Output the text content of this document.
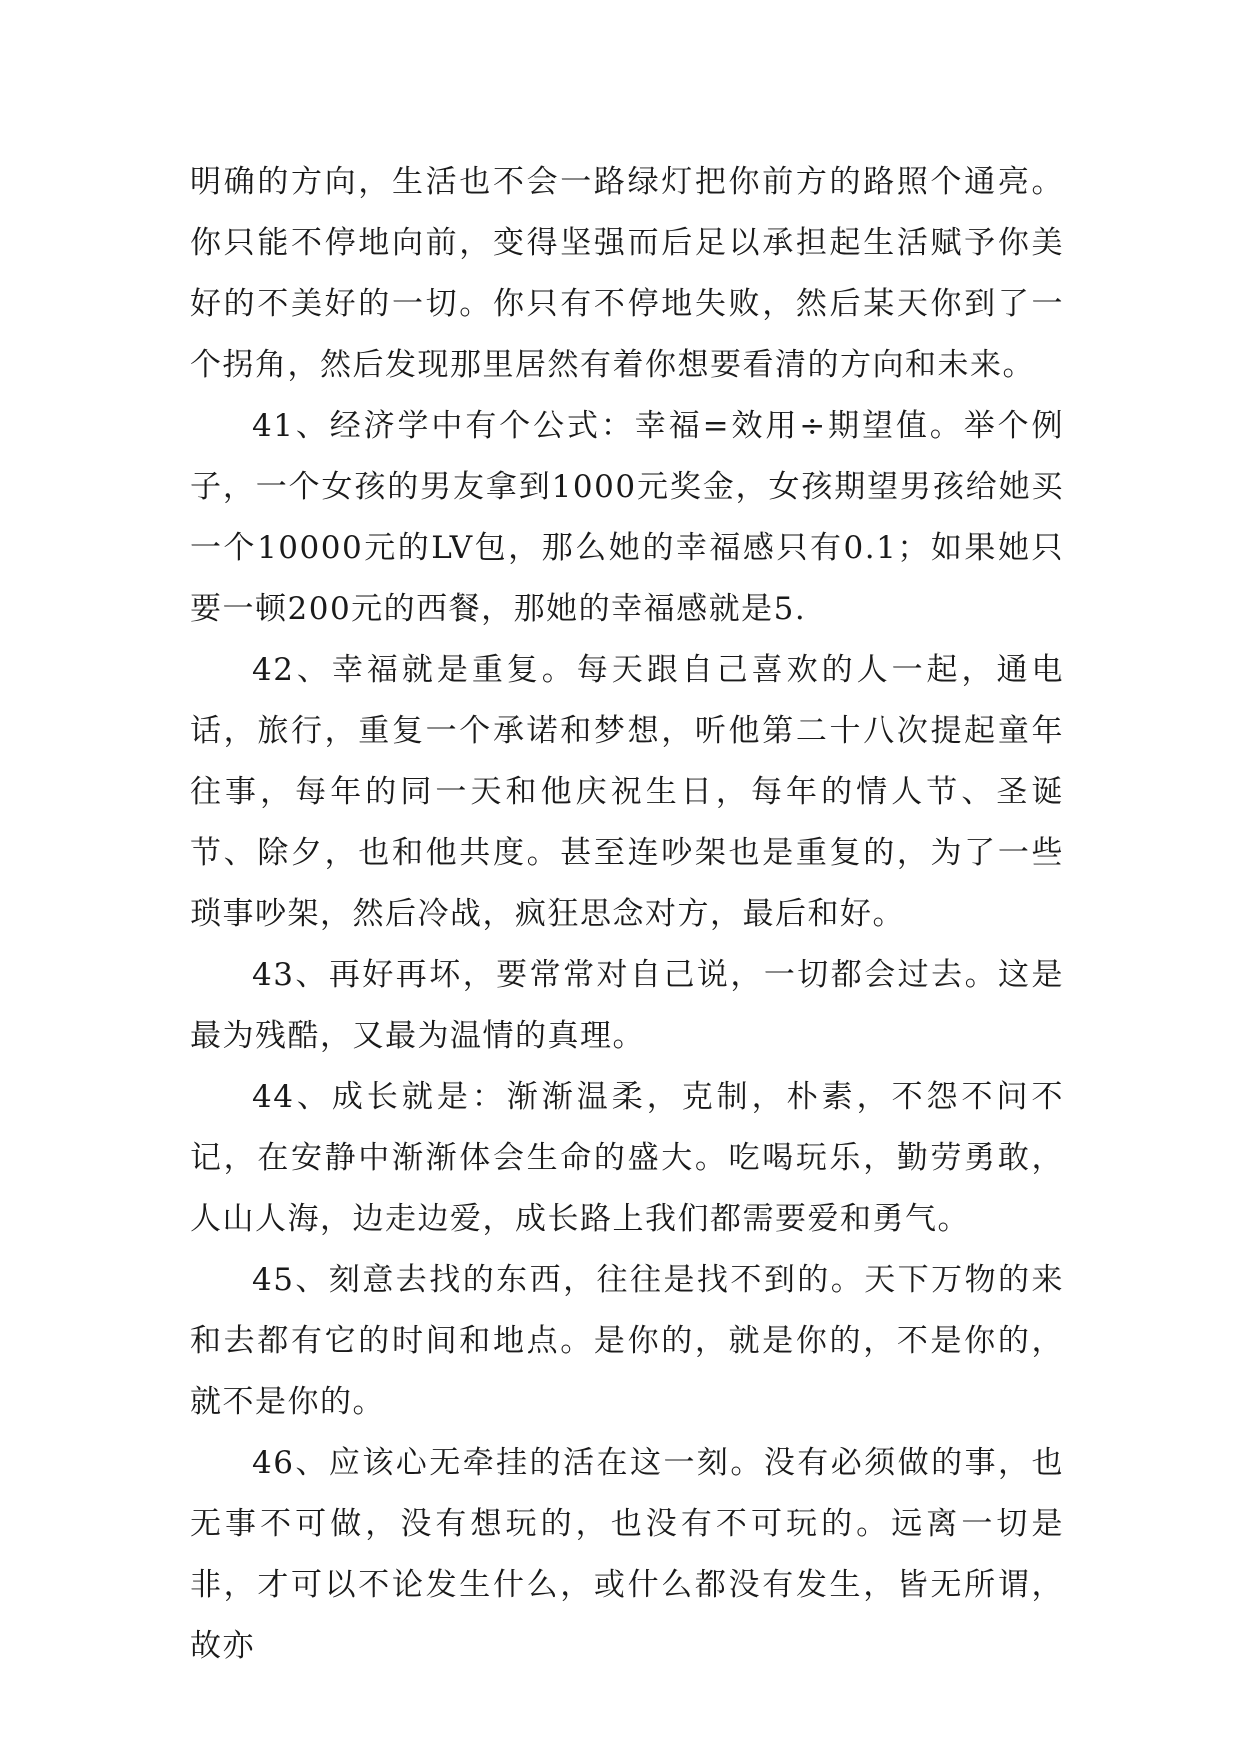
明确的方向，生活也不会一路绿灯把你前方的路照个通亮。你只能不停地向前，变得坚强而后足以承担起生活赋予你美好的不美好的一切。你只有不停地失败，然后某天你到了一个拐角，然后发现那里居然有着你想要看清的方向和未来。

41、经济学中有个公式：幸福=效用÷期望值。举个例子，一个女孩的男友拿到1000元奖金，女孩期望男孩给她买一个10000元的LV包，那么她的幸福感只有0.1；如果她只要一顿200元的西餐，那她的幸福感就是5.

42、幸福就是重复。每天跟自己喜欢的人一起，通电话，旅行，重复一个承诺和梦想，听他第二十八次提起童年往事，每年的同一天和他庆祝生日，每年的情人节、圣诞节、除夕，也和他共度。甚至连吵架也是重复的，为了一些琐事吵架，然后冷战，疯狂思念对方，最后和好。

43、再好再坏，要常常对自己说，一切都会过去。这是最为残酷，又最为温情的真理。

44、成长就是：渐渐温柔，克制，朴素，不怨不问不记，在安静中渐渐体会生命的盛大。吃喝玩乐，勤劳勇敢，人山人海，边走边爱，成长路上我们都需要爱和勇气。

45、刻意去找的东西，往往是找不到的。天下万物的来和去都有它的时间和地点。是你的，就是你的，不是你的，就不是你的。

46、应该心无牵挂的活在这一刻。没有必须做的事，也无事不可做，没有想玩的，也没有不可玩的。远离一切是非，才可以不论发生什么，或什么都没有发生，皆无所谓，故亦
